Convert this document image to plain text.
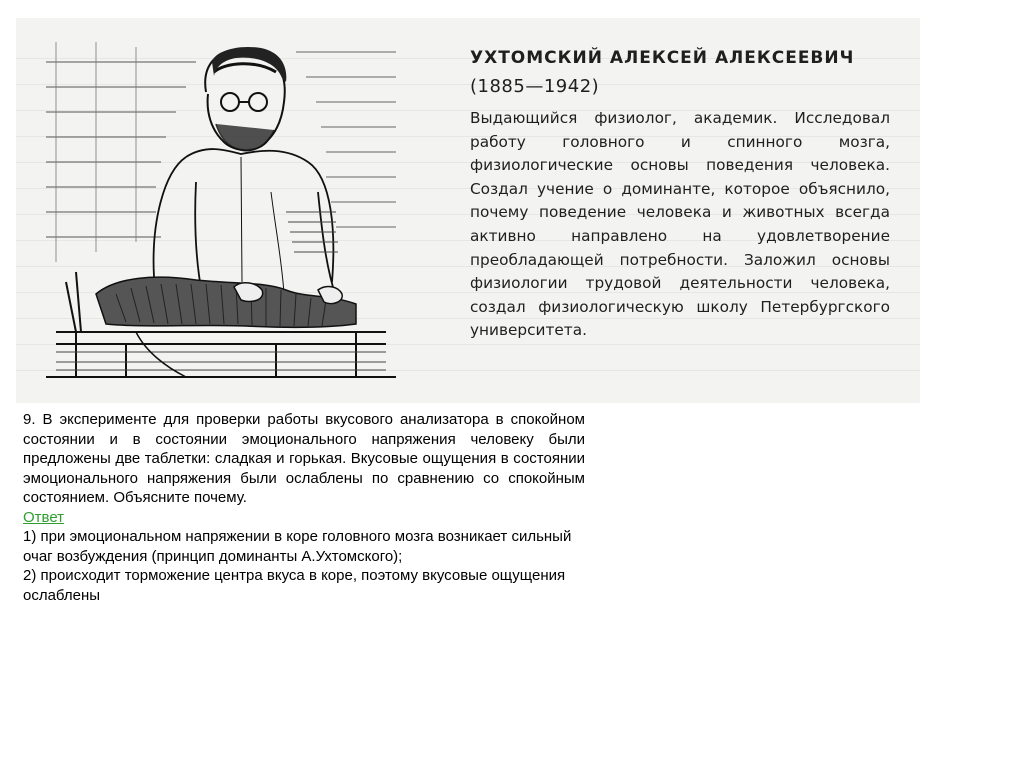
УХТОМСКИЙ АЛЕКСЕЙ АЛЕКСЕЕВИЧ
(1885—1942)

Выдающийся физиолог, академик. Исследовал работу головного и спинного мозга, физиологические основы поведения человека. Создал учение о доминанте, которое объяснило, почему поведение человека и животных всегда активно направлено на удовлетворение преобладающей потребности. Заложил основы физиологии трудовой деятельности человека, создал физиологическую школу Петербургского университета.

9. В эксперименте для проверки работы вкусового анализатора в спокойном состоянии и в состоянии эмоционального напряжения человеку были предложены две таблетки: сладкая и горькая. Вкусовые ощущения в состоянии эмоционального напряжения были ослаблены по сравнению со спокойным состоянием. Объясните почему.

Ответ

1) при эмоциональном напряжении в коре головного мозга возникает сильный очаг возбуждения (принцип доминанты А.Ухтомского);

2) происходит торможение центра вкуса в коре, поэтому вкусовые ощущения ослаблены
